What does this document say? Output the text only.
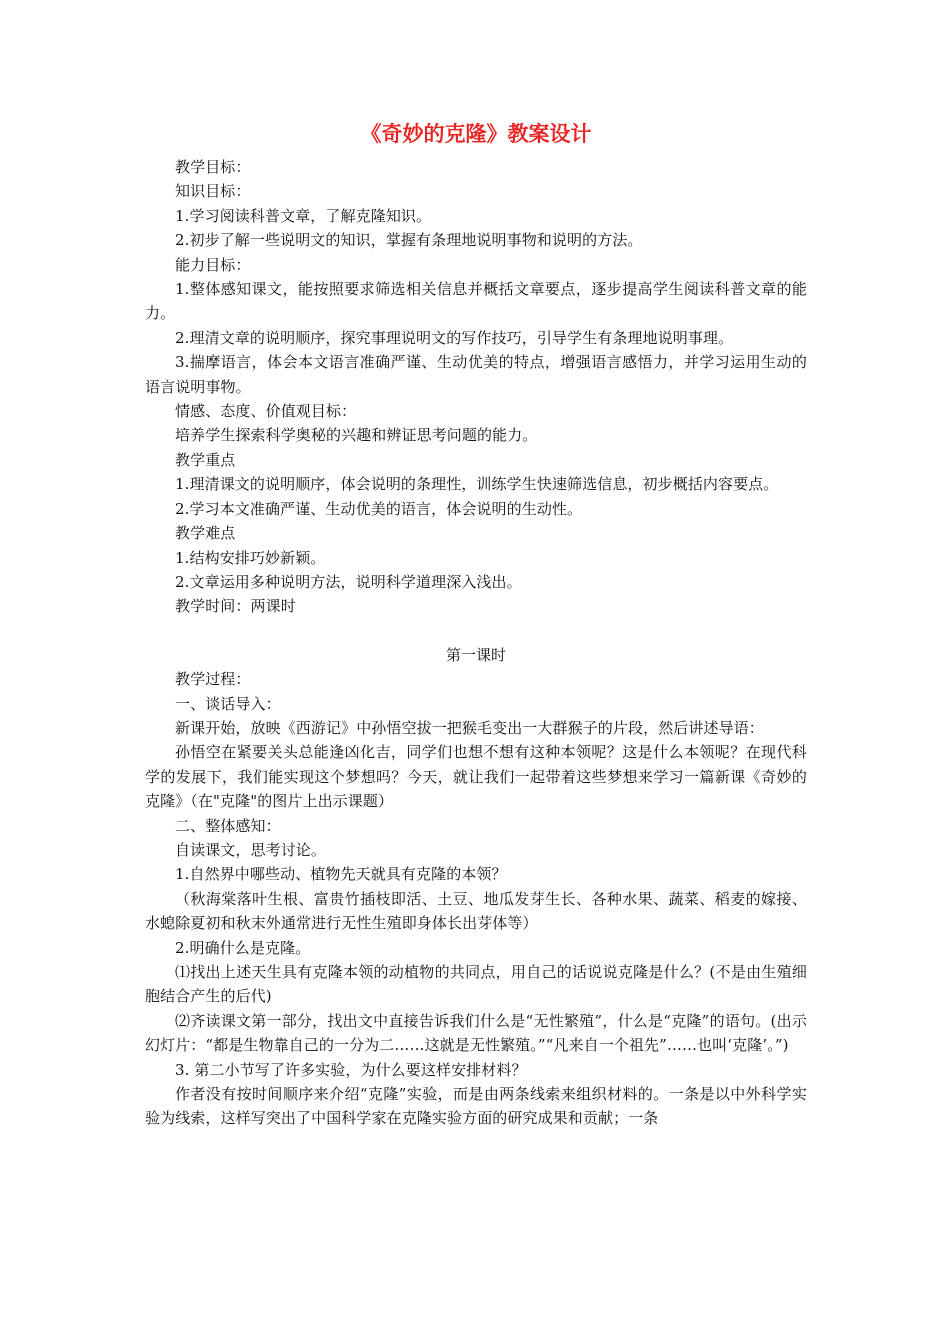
《奇妙的克隆》教案设计

教学目标：

知识目标：

1.学习阅读科普文章，了解克隆知识。

2.初步了解一些说明文的知识，掌握有条理地说明事物和说明的方法。

能力目标：

1.整体感知课文，能按照要求筛选相关信息并概括文章要点，逐步提高学生阅读科普文章的能力。

2.理清文章的说明顺序，探究事理说明文的写作技巧，引导学生有条理地说明事理。

3.揣摩语言，体会本文语言准确严谨、生动优美的特点，增强语言感悟力，并学习运用生动的语言说明事物。

情感、态度、价值观目标：

培养学生探索科学奥秘的兴趣和辨证思考问题的能力。

教学重点

1.理清课文的说明顺序，体会说明的条理性，训练学生快速筛选信息，初步概括内容要点。

2.学习本文准确严谨、生动优美的语言，体会说明的生动性。

教学难点

1.结构安排巧妙新颖。

2.文章运用多种说明方法，说明科学道理深入浅出。

教学时间：两课时

第一课时

教学过程：

一、谈话导入：

新课开始，放映《西游记》中孙悟空拔一把猴毛变出一大群猴子的片段，然后讲述导语：

孙悟空在紧要关头总能逢凶化吉，同学们也想不想有这种本领呢？这是什么本领呢？在现代科学的发展下，我们能实现这个梦想吗？今天，就让我们一起带着这些梦想来学习一篇新课《奇妙的克隆》（在"克隆"的图片上出示课题）

二、整体感知：

自读课文，思考讨论。

1.自然界中哪些动、植物先天就具有克隆的本领？

（秋海棠落叶生根、富贵竹插枝即活、土豆、地瓜发芽生长、各种水果、蔬菜、稻麦的嫁接、水螅除夏初和秋末外通常进行无性生殖即身体长出芽体等）

2.明确什么是克隆。

⑴找出上述天生具有克隆本领的动植物的共同点，用自己的话说说克隆是什么？(不是由生殖细胞结合产生的后代)

⑵齐读课文第一部分，找出文中直接告诉我们什么是“无性繁殖”，什么是“克隆”的语句。(出示幻灯片：“都是生物靠自己的一分为二……这就是无性繁殖。”“凡来自一个祖先”……也叫‘克隆’。”)

3. 第二小节写了许多实验，为什么要这样安排材料？

作者没有按时间顺序来介绍“克隆”实验，而是由两条线索来组织材料的。一条是以中外科学实验为线索，这样写突出了中国科学家在克隆实验方面的研究成果和贡献；一条
